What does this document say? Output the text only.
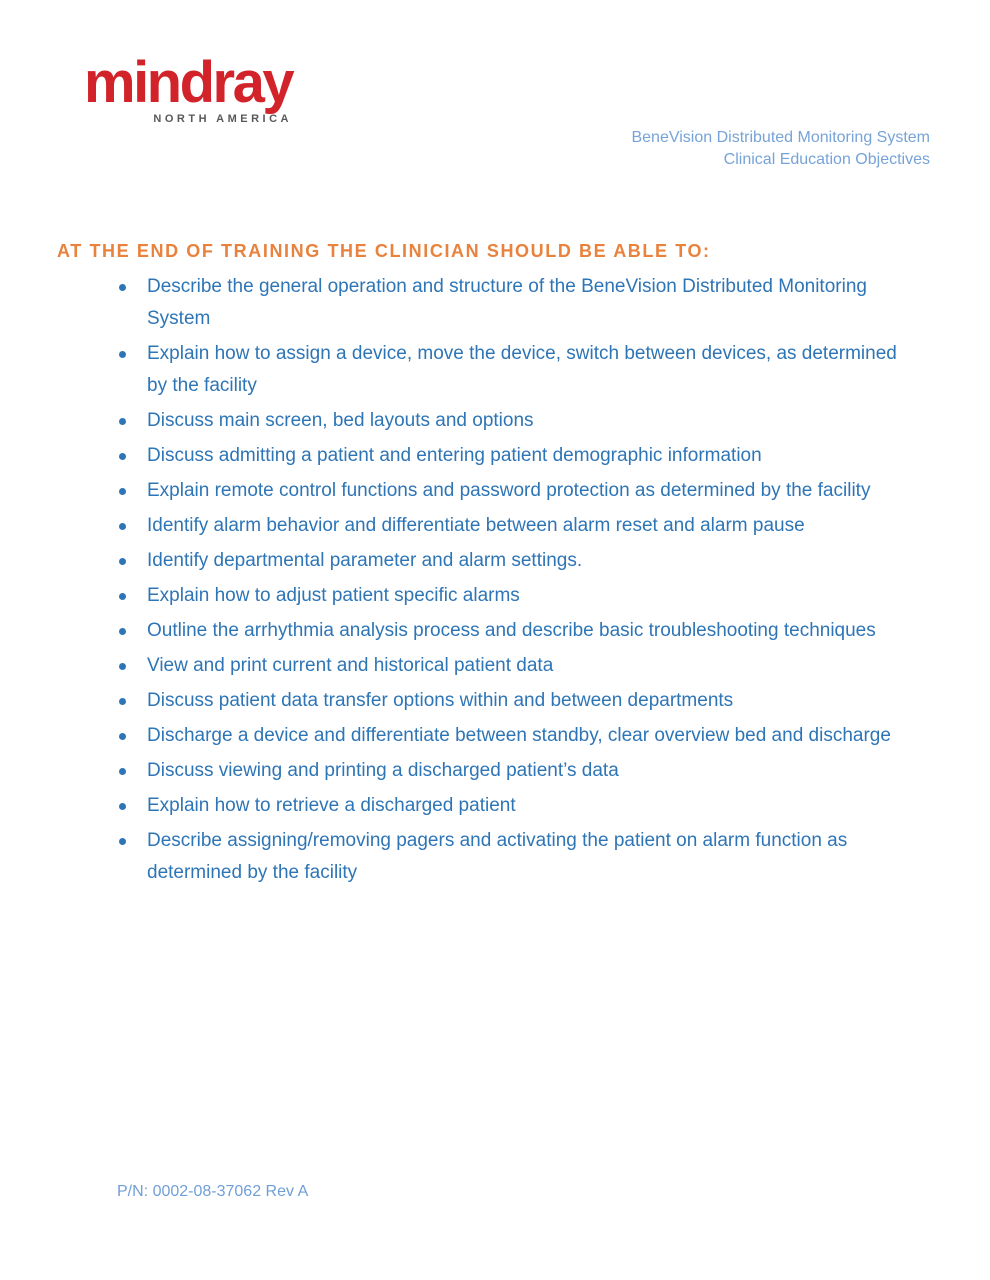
mindray
NORTH AMERICA
BeneVision Distributed Monitoring System
Clinical Education Objectives
AT THE END OF TRAINING THE CLINICIAN SHOULD BE ABLE TO:
Describe the general operation and structure of the BeneVision Distributed Monitoring
System
Explain how to assign a device, move the device, switch between devices, as determined
by the facility
Discuss main screen, bed layouts and options
Discuss admitting a patient and entering patient demographic information
Explain remote control functions and password protection as determined by the facility
Identify alarm behavior and differentiate between alarm reset and alarm pause
Identify departmental parameter and alarm settings.
Explain how to adjust patient specific alarms
Outline the arrhythmia analysis process and describe basic troubleshooting techniques
View and print current and historical patient data
Discuss patient data transfer options within and between departments
Discharge a device and differentiate between standby, clear overview bed and discharge
Discuss viewing and printing a discharged patient’s data
Explain how to retrieve a discharged patient
Describe assigning/removing pagers and activating the patient on alarm function as
determined by the facility
P/N: 0002-08-37062 Rev A
